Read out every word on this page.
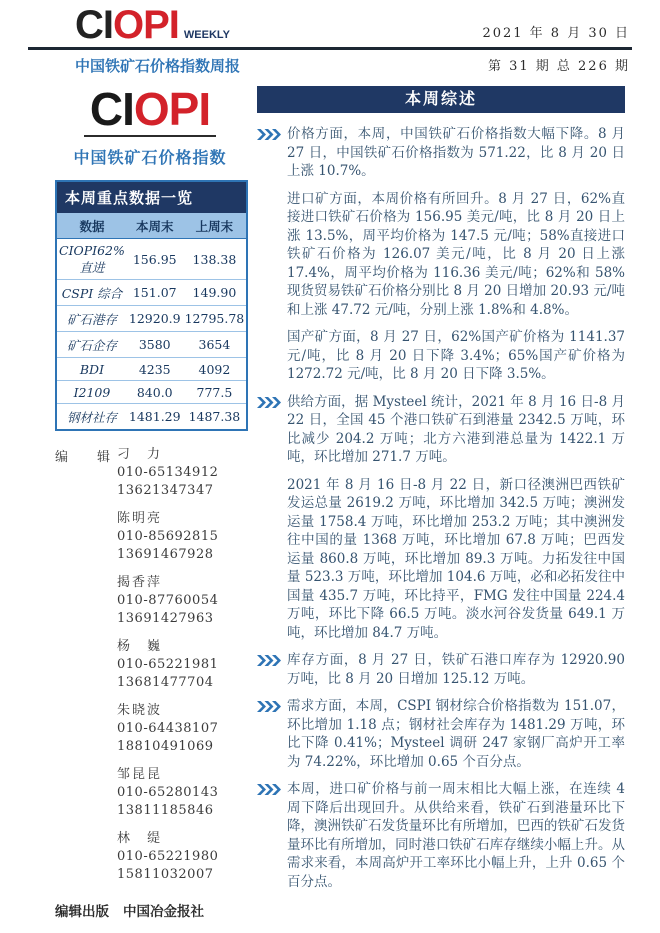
CIOPI WEEKLY	2021 年 8 月 30 日
中国铁矿石价格指数周报	第 31 期 总 226 期
CIOPI
中国铁矿石价格指数
本周重点数据一览		
数据	本周末	上周末
CIOPI62%直进	156.95	138.38
CSPI 综合	151.07	149.90
矿石港存	12920.9	12795.78
矿石企存	3580	3654
BDI	4235	4092
I2109	840.0	777.5
钢材社存	1481.29	1487.38
编　辑
刁　力
010-65134912
13621347347
陈明亮
010-85692815
13691467928
揭香萍
010-87760054
13691427963
杨　巍
010-65221981
13681477704
朱晓波
010-64438107
18810491069
邹昆昆
010-65280143
13811185846
林　缇
010-65221980
15811032007
编辑出版 中国冶金报社
本周综述

价格方面，本周，中国铁矿石价格指数大幅下降。8 月 27 日，中国铁矿石价格指数为 571.22，比 8 月 20 日上涨 10.7%。

进口矿方面，本周价格有所回升。8 月 27 日，62%直接进口铁矿石价格为 156.95 美元/吨，比 8 月 20 日上涨 13.5%，周平均价格为 147.5 元/吨；58%直接进口铁矿石价格为 126.07 美元/吨，比 8 月 20 日上涨 17.4%，周平均价格为 116.36 美元/吨；62%和 58%现货贸易铁矿石价格分别比 8 月 20 日增加 20.93 元/吨和上涨 47.72 元/吨，分别上涨 1.8%和 4.8%。

国产矿方面，8 月 27 日，62%国产矿价格为 1141.37 元/吨，比 8 月 20 日下降 3.4%；65%国产矿价格为 1272.72 元/吨，比 8 月 20 日下降 3.5%。

供给方面，据 Mysteel 统计，2021 年 8 月 16 日-8 月 22 日，全国 45 个港口铁矿石到港量 2342.5 万吨，环比减少 204.2 万吨；北方六港到港总量为 1422.1 万吨，环比增加 271.7 万吨。

2021 年 8 月 16 日-8 月 22 日，新口径澳洲巴西铁矿发运总量 2619.2 万吨，环比增加 342.5 万吨；澳洲发运量 1758.4 万吨，环比增加 253.2 万吨；其中澳洲发往中国的量 1368 万吨，环比增加 67.8 万吨；巴西发运量 860.8 万吨，环比增加 89.3 万吨。力拓发往中国量 523.3 万吨，环比增加 104.6 万吨，必和必拓发往中国量 435.7 万吨，环比持平，FMG 发往中国量 224.4 万吨，环比下降 66.5 万吨。淡水河谷发货量 649.1 万吨，环比增加 84.7 万吨。

库存方面，8 月 27 日，铁矿石港口库存为 12920.90 万吨，比 8 月 20 日增加 125.12 万吨。

需求方面，本周，CSPI 钢材综合价格指数为 151.07，环比增加 1.18 点；钢材社会库存为 1481.29 万吨，环比下降 0.41%；Mysteel 调研 247 家钢厂高炉开工率为 74.22%，环比增加 0.65 个百分点。

本周，进口矿价格与前一周末相比大幅上涨，在连续 4 周下降后出现回升。从供给来看，铁矿石到港量环比下降，澳洲铁矿石发货量环比有所增加，巴西的铁矿石发货量环比有所增加，同时港口铁矿石库存继续小幅上升。从需求来看，本周高炉开工率环比小幅上升，上升 0.65 个百分点。
